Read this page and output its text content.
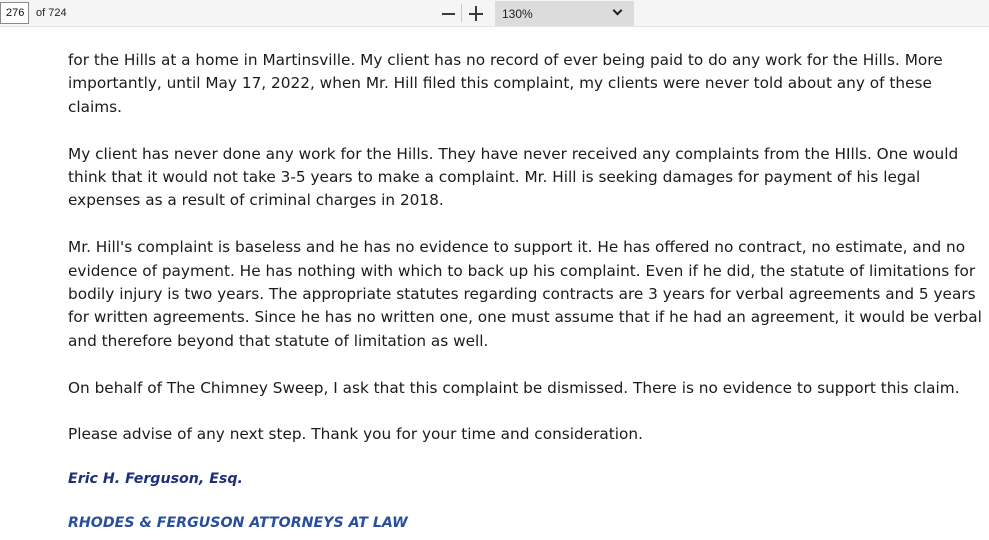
276
of 724	130%

for the Hills at a home in Martinsville. My client has no record of ever being paid to do any work for the Hills. More importantly, until May 17, 2022, when Mr. Hill filed this complaint, my clients were never told about any of these claims.

My client has never done any work for the Hills. They have never received any complaints from the HIlls. One would think that it would not take 3-5 years to make a complaint. Mr. Hill is seeking damages for payment of his legal expenses as a result of criminal charges in 2018.

Mr. Hill's complaint is baseless and he has no evidence to support it. He has offered no contract, no estimate, and no evidence of payment. He has nothing with which to back up his complaint. Even if he did, the statute of limitations for bodily injury is two years. The appropriate statutes regarding contracts are 3 years for verbal agreements and 5 years for written agreements. Since he has no written one, one must assume that if he had an agreement, it would be verbal and therefore beyond that statute of limitation as well.

On behalf of The Chimney Sweep, I ask that this complaint be dismissed. There is no evidence to support this claim.

Please advise of any next step. Thank you for your time and consideration.

Eric H. Ferguson, Esq.

RHODES & FERGUSON ATTORNEYS AT LAW
